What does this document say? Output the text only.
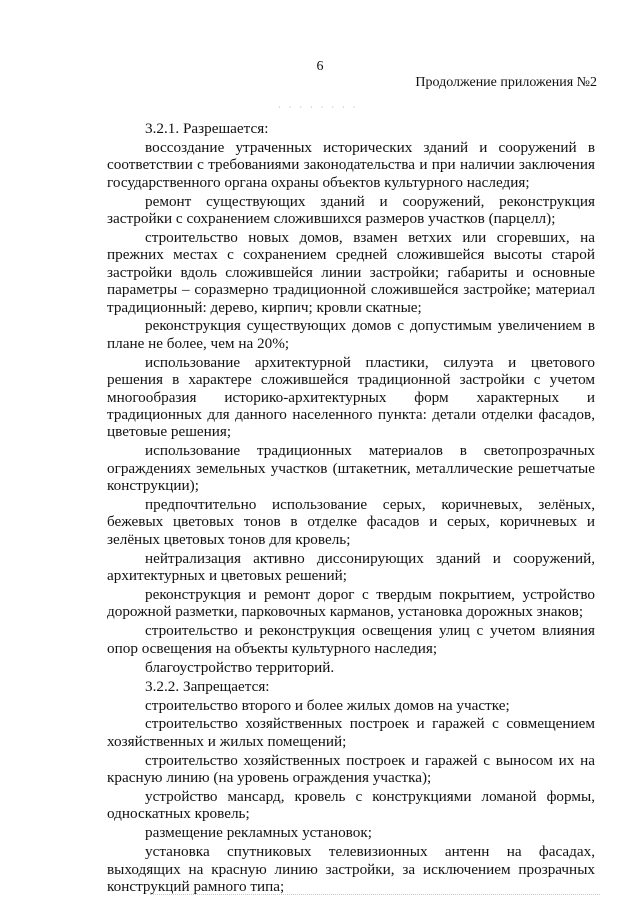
6
Продолжение приложения №2
· · · · · · · ·

3.2.1. Разрешается:

воссоздание утраченных исторических зданий и сооружений в соответствии с требованиями законодательства и при наличии заключения государственного органа охраны объектов культурного наследия;

ремонт существующих зданий и сооружений, реконструкция застройки с сохранением сложившихся размеров участков (парцелл);

строительство новых домов, взамен ветхих или сгоревших, на прежних местах с сохранением средней сложившейся высоты старой застройки вдоль сложившейся линии застройки; габариты и основные параметры – соразмерно традиционной сложившейся застройке; материал традиционный: дерево, кирпич; кровли скатные;

реконструкция существующих домов с допустимым увеличением в плане не более, чем на 20%;

использование архитектурной пластики, силуэта и цветового решения в характере сложившейся традиционной застройки с учетом многообразия историко-архитектурных форм характерных и традиционных для данного населенного пункта: детали отделки фасадов, цветовые решения;

использование традиционных материалов в светопрозрачных ограждениях земельных участков (штакетник, металлические решетчатые конструкции);

предпочтительно использование серых, коричневых, зелёных, бежевых цветовых тонов в отделке фасадов и серых, коричневых и зелёных цветовых тонов для кровель;

нейтрализация активно диссонирующих зданий и сооружений, архитектурных и цветовых решений;

реконструкция и ремонт дорог с твердым покрытием, устройство дорожной разметки, парковочных карманов, установка дорожных знаков;

строительство и реконструкция освещения улиц с учетом влияния опор освещения на объекты культурного наследия;

благоустройство территорий.

3.2.2. Запрещается:

строительство второго и более жилых домов на участке;

строительство хозяйственных построек и гаражей с совмещением хозяйственных и жилых помещений;

строительство хозяйственных построек и гаражей с выносом их на красную линию (на уровень ограждения участка);

устройство мансард, кровель с конструкциями ломаной формы, односкатных кровель;

размещение рекламных установок;

установка спутниковых телевизионных антенн на фасадах, выходящих на красную линию застройки, за исключением прозрачных конструкций рамного типа;
